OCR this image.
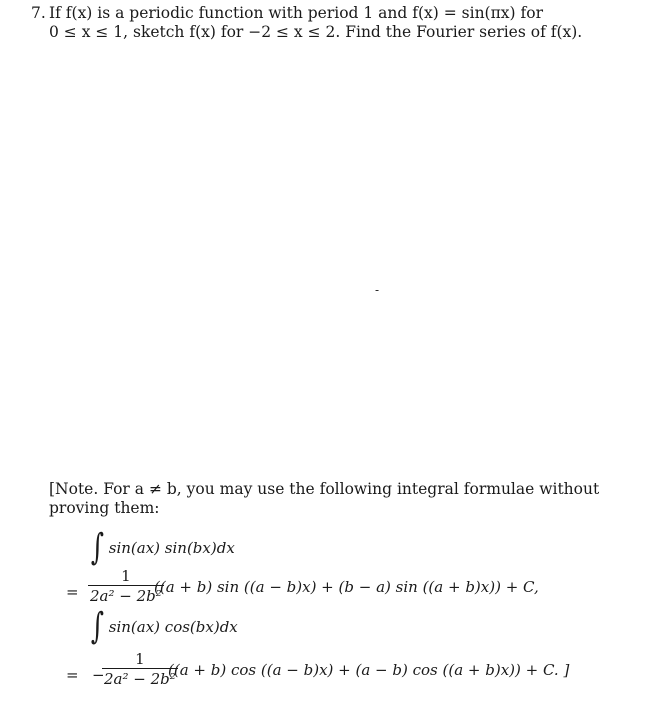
7. If f(x) is a periodic function with period 1 and f(x) = sin(πx) for
0 ≤ x ≤ 1, sketch f(x) for −2 ≤ x ≤ 2. Find the Fourier series of f(x).
-
[Note. For a ≠ b, you may use the following integral formulae without
proving them:
∫ sin(ax) sin(bx)dx
= $\frac{1}{\text{2a² − 2b²}}$
((a + b) sin ((a − b)x) + (b − a) sin ((a + b)x)) + C,
∫ sin(ax) cos(bx)dx
= −
$\frac{1}{\text{2a² − 2b²}}$
((a + b) cos ((a − b)x) + (a − b) cos ((a + b)x)) + C. ]
